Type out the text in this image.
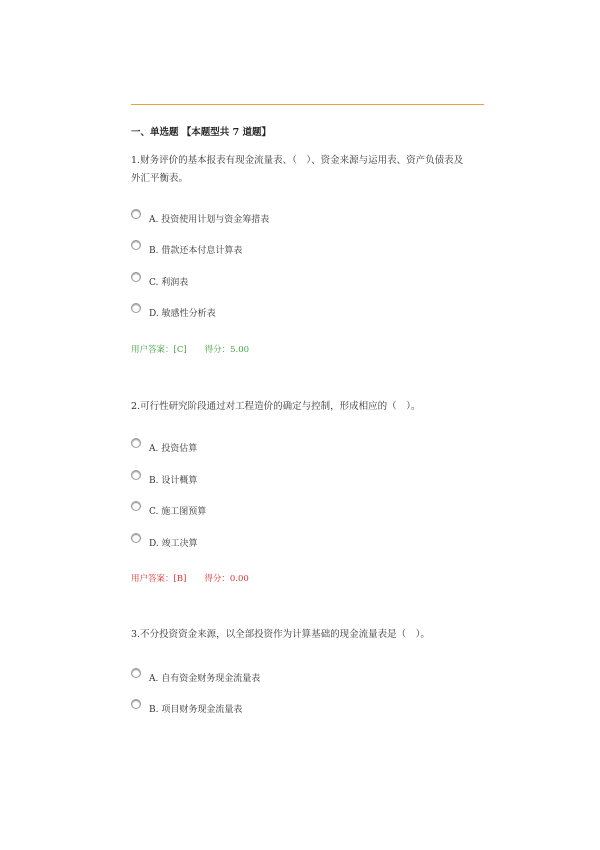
一、单选题 【本题型共 7 道题】
1.财务评价的基本报表有现金流量表、（　）、资金来源与运用表、资产负债表及外汇平衡表。
A. 投资使用计划与资金筹措表
B. 借款还本付息计算表
C. 利润表
D. 敏感性分析表
用户答案：[C] 得分：5.00
2.可行性研究阶段通过对工程造价的确定与控制，形成相应的（　）。
A. 投资估算
B. 设计概算
C. 施工图预算
D. 竣工决算
用户答案：[B] 得分：0.00
3.不分投资资金来源，以全部投资作为计算基础的现金流量表是（　）。
A. 自有资金财务现金流量表
B. 项目财务现金流量表
